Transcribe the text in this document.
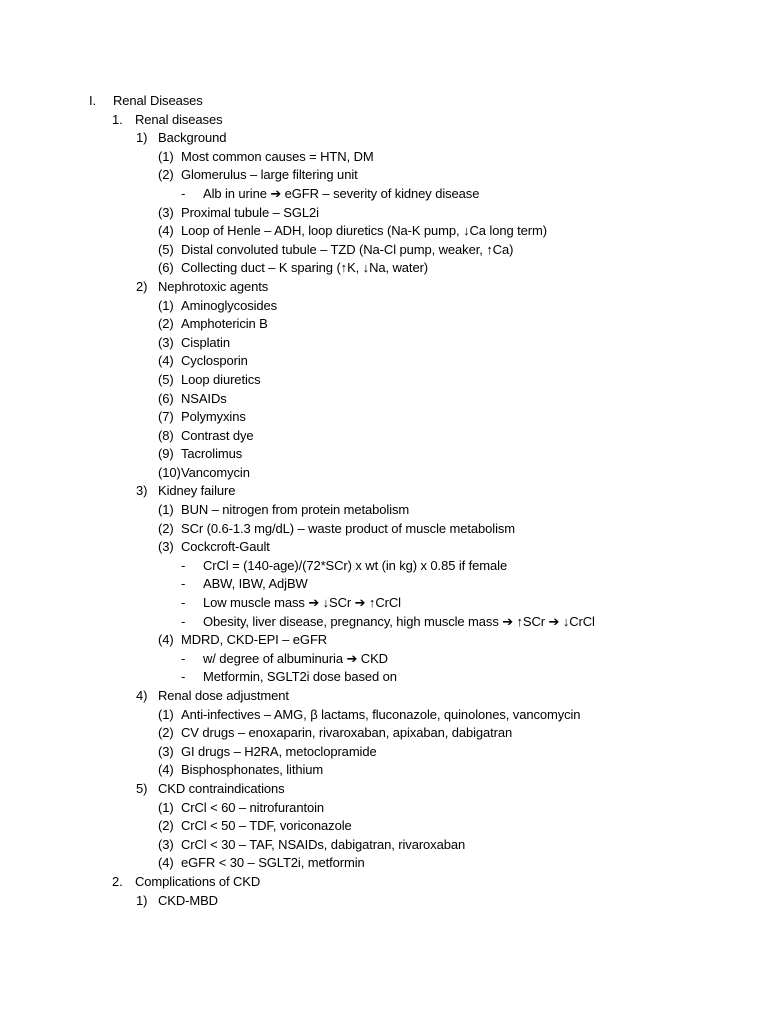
I. Renal Diseases
1. Renal diseases
1) Background
(1) Most common causes = HTN, DM
(2) Glomerulus – large filtering unit
- Alb in urine ➔ eGFR – severity of kidney disease
(3) Proximal tubule – SGL2i
(4) Loop of Henle – ADH, loop diuretics (Na-K pump, ↓Ca long term)
(5) Distal convoluted tubule – TZD (Na-Cl pump, weaker, ↑Ca)
(6) Collecting duct – K sparing (↑K, ↓Na, water)
2) Nephrotoxic agents
(1) Aminoglycosides
(2) Amphotericin B
(3) Cisplatin
(4) Cyclosporin
(5) Loop diuretics
(6) NSAIDs
(7) Polymyxins
(8) Contrast dye
(9) Tacrolimus
(10) Vancomycin
3) Kidney failure
(1) BUN – nitrogen from protein metabolism
(2) SCr (0.6-1.3 mg/dL) – waste product of muscle metabolism
(3) Cockcroft-Gault
- CrCl = (140-age)/(72*SCr) x wt (in kg) x 0.85 if female
- ABW, IBW, AdjBW
- Low muscle mass ➔ ↓SCr ➔ ↑CrCl
- Obesity, liver disease, pregnancy, high muscle mass ➔ ↑SCr ➔ ↓CrCl
(4) MDRD, CKD-EPI – eGFR
- w/ degree of albuminuria ➔ CKD
- Metformin, SGLT2i dose based on
4) Renal dose adjustment
(1) Anti-infectives – AMG, β lactams, fluconazole, quinolones, vancomycin
(2) CV drugs – enoxaparin, rivaroxaban, apixaban, dabigatran
(3) GI drugs – H2RA, metoclopramide
(4) Bisphosphonates, lithium
5) CKD contraindications
(1) CrCl < 60 – nitrofurantoin
(2) CrCl < 50 – TDF, voriconazole
(3) CrCl < 30 – TAF, NSAIDs, dabigatran, rivaroxaban
(4) eGFR < 30 – SGLT2i, metformin
2. Complications of CKD
1) CKD-MBD
